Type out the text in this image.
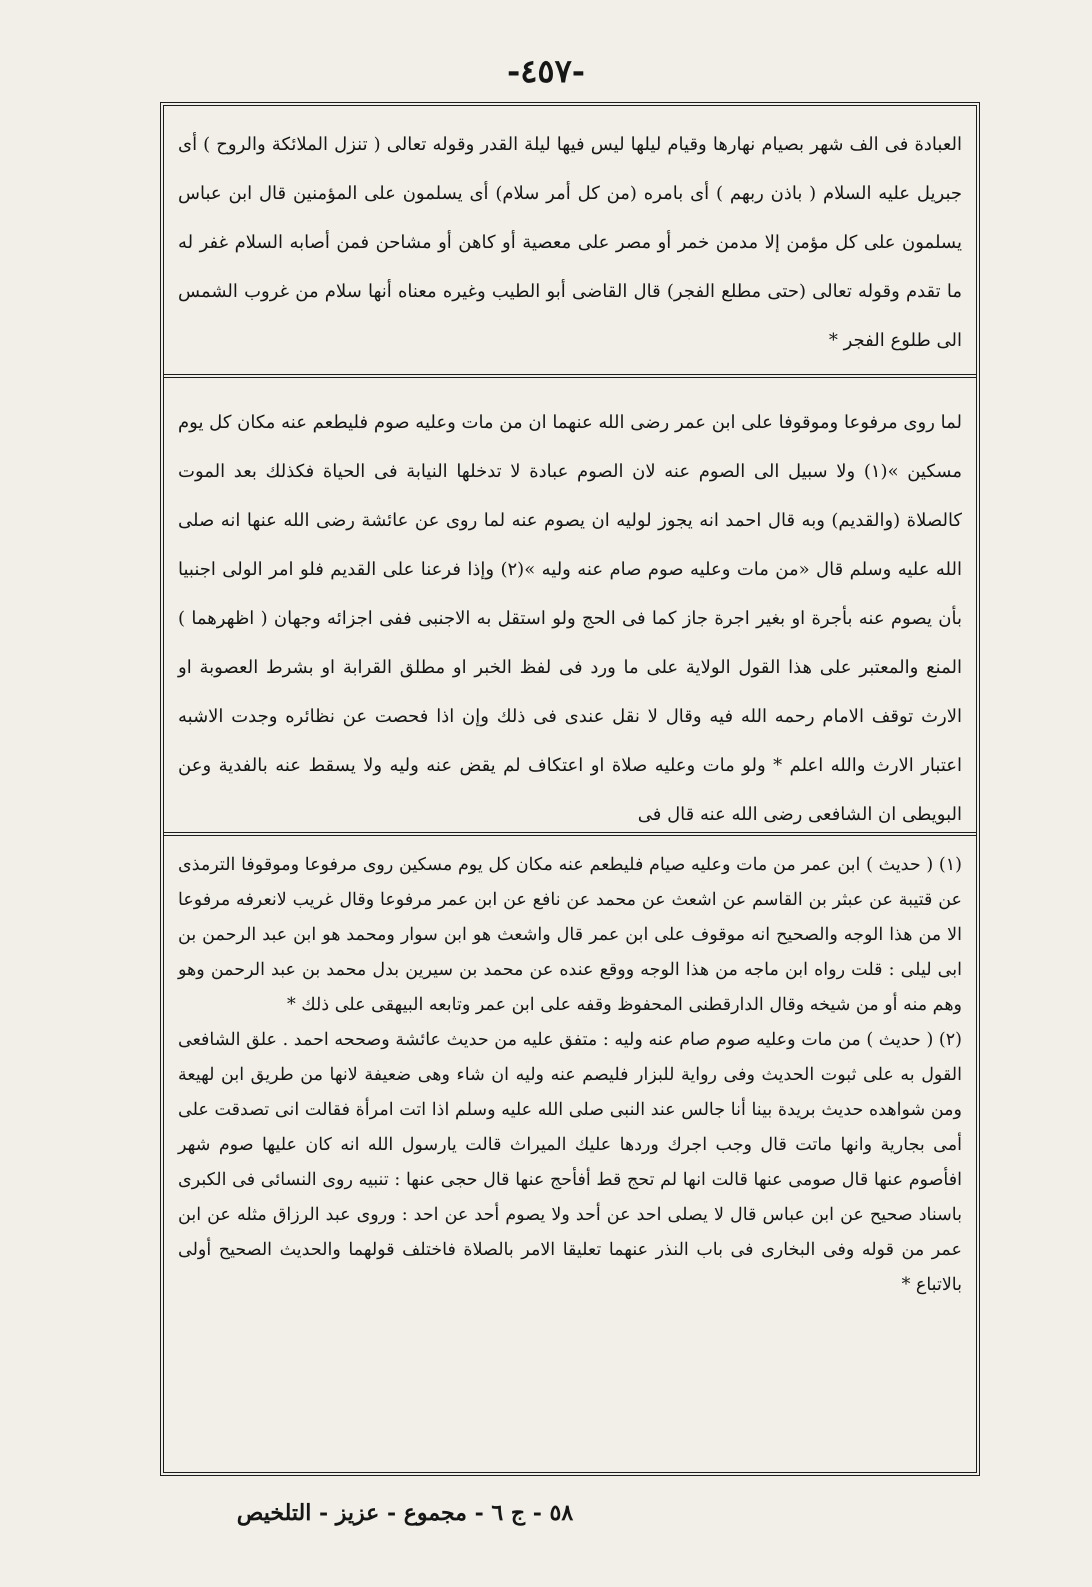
-٤٥٧-

العبادة فى الف شهر بصيام نهارها وقيام ليلها ليس فيها ليلة القدر وقوله تعالى ( تنزل الملائكة والروح ) أى جبريل عليه السلام ( باذن ربهم ) أى بامره (من كل أمر سلام) أى يسلمون على المؤمنين قال ابن عباس يسلمون على كل مؤمن إلا مدمن خمر أو مصر على معصية أو كاهن أو مشاحن فمن أصابه السلام غفر له ما تقدم وقوله تعالى (حتى مطلع الفجر) قال القاضى أبو الطيب وغيره معناه أنها سلام من غروب الشمس الى طلوع الفجر *

لما روى مرفوعا وموقوفا على ابن عمر رضى الله عنهما ان من مات وعليه صوم فليطعم عنه مكان كل يوم مسكين »(١) ولا سبيل الى الصوم عنه لان الصوم عبادة لا تدخلها النيابة فى الحياة فكذلك بعد الموت كالصلاة (والقديم) وبه قال احمد انه يجوز لوليه ان يصوم عنه لما روى عن عائشة رضى الله عنها انه صلى الله عليه وسلم قال «من مات وعليه صوم صام عنه وليه »(٢) وإذا فرعنا على القديم فلو امر الولى اجنبيا بأن يصوم عنه بأجرة او بغير اجرة جاز كما فى الحج ولو استقل به الاجنبى ففى اجزائه وجهان ( اظهرهما ) المنع والمعتبر على هذا القول الولاية على ما ورد فى لفظ الخبر او مطلق القرابة او بشرط العصوبة او الارث توقف الامام رحمه الله فيه وقال لا نقل عندى فى ذلك وإن اذا فحصت عن نظائره وجدت الاشبه اعتبار الارث والله اعلم * ولو مات وعليه صلاة او اعتكاف لم يقض عنه وليه ولا يسقط عنه بالفدية وعن البويطى ان الشافعى رضى الله عنه قال فى

(١) ( حديث ) ابن عمر من مات وعليه صيام فليطعم عنه مكان كل يوم مسكين روى مرفوعا وموقوفا الترمذى عن قتيبة عن عبثر بن القاسم عن اشعث عن محمد عن نافع عن ابن عمر مرفوعا وقال غريب لانعرفه مرفوعا الا من هذا الوجه والصحيح انه موقوف على ابن عمر قال واشعث هو ابن سوار ومحمد هو ابن عبد الرحمن بن ابى ليلى : قلت رواه ابن ماجه من هذا الوجه ووقع عنده عن محمد بن سيرين بدل محمد بن عبد الرحمن وهو وهم منه أو من شيخه وقال الدارقطنى المحفوظ وقفه على ابن عمر وتابعه البيهقى على ذلك *

(٢) ( حديث ) من مات وعليه صوم صام عنه وليه : متفق عليه من حديث عائشة وصححه احمد . علق الشافعى القول به على ثبوت الحديث وفى رواية للبزار فليصم عنه وليه ان شاء وهى ضعيفة لانها من طريق ابن لهيعة ومن شواهده حديث بريدة بينا أنا جالس عند النبى صلى الله عليه وسلم اذا اتت امرأة فقالت انى تصدقت على أمى بجارية وانها ماتت قال وجب اجرك وردها عليك الميراث قالت يارسول الله انه كان عليها صوم شهر افأصوم عنها قال صومى عنها قالت انها لم تحج قط أفأحج عنها قال حجى عنها : تنبيه روى النسائى فى الكبرى باسناد صحيح عن ابن عباس قال لا يصلى احد عن أحد ولا يصوم أحد عن احد : وروى عبد الرزاق مثله عن ابن عمر من قوله وفى البخارى فى باب النذر عنهما تعليقا الامر بالصلاة فاختلف قولهما والحديث الصحيح أولى بالاتباع *

٥٨ - ج ٦ - مجموع - عزيز - التلخيص
